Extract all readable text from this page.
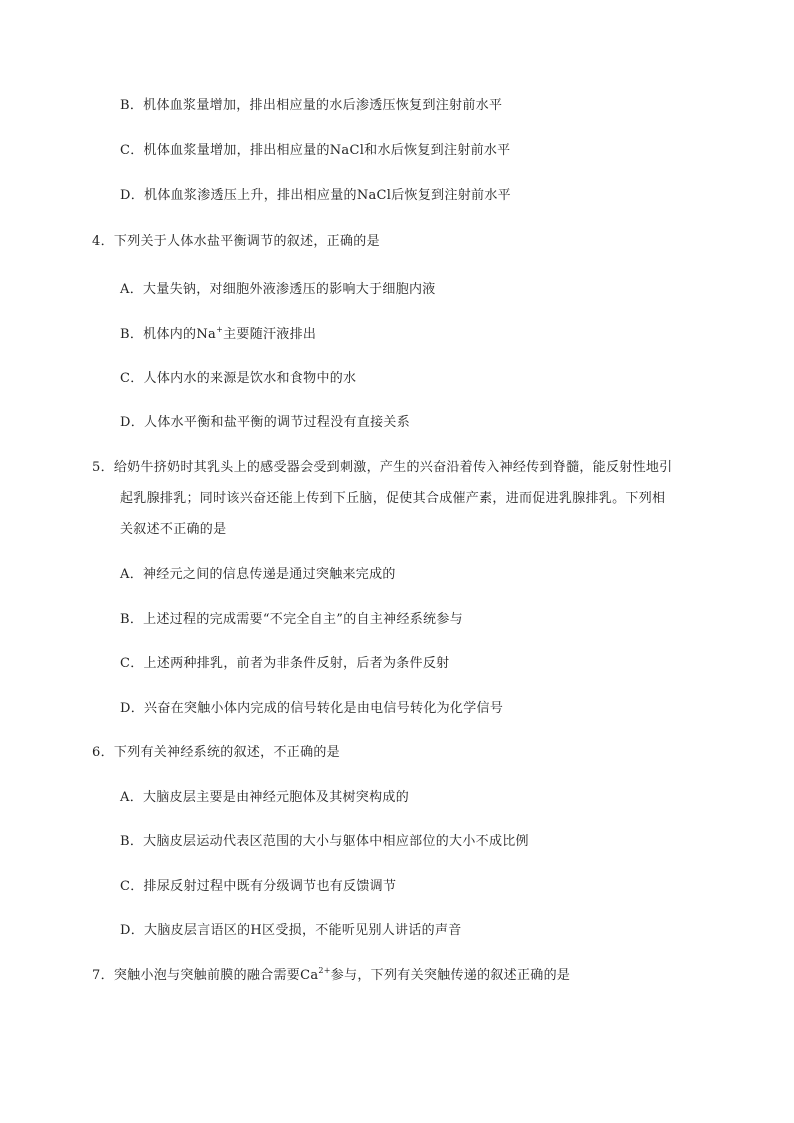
B．机体血浆量增加，排出相应量的水后渗透压恢复到注射前水平
C．机体血浆量增加，排出相应量的NaCl和水后恢复到注射前水平
D．机体血浆渗透压上升，排出相应量的NaCl后恢复到注射前水平
4．下列关于人体水盐平衡调节的叙述，正确的是
A．大量失钠，对细胞外液渗透压的影响大于细胞内液
B．机体内的Na+主要随汗液排出
C．人体内水的来源是饮水和食物中的水
D．人体水平衡和盐平衡的调节过程没有直接关系
5．给奶牛挤奶时其乳头上的感受器会受到刺激，产生的兴奋沿着传入神经传到脊髓，能反射性地引
起乳腺排乳；同时该兴奋还能上传到下丘脑，促使其合成催产素，进而促进乳腺排乳。下列相
关叙述不正确的是
A．神经元之间的信息传递是通过突触来完成的
B．上述过程的完成需要“不完全自主”的自主神经系统参与
C．上述两种排乳，前者为非条件反射，后者为条件反射
D．兴奋在突触小体内完成的信号转化是由电信号转化为化学信号
6．下列有关神经系统的叙述，不正确的是
A．大脑皮层主要是由神经元胞体及其树突构成的
B．大脑皮层运动代表区范围的大小与躯体中相应部位的大小不成比例
C．排尿反射过程中既有分级调节也有反馈调节
D．大脑皮层言语区的H区受损，不能听见别人讲话的声音
7．突触小泡与突触前膜的融合需要$Ca^{2+}$参与，下列有关突触传递的叙述正确的是
